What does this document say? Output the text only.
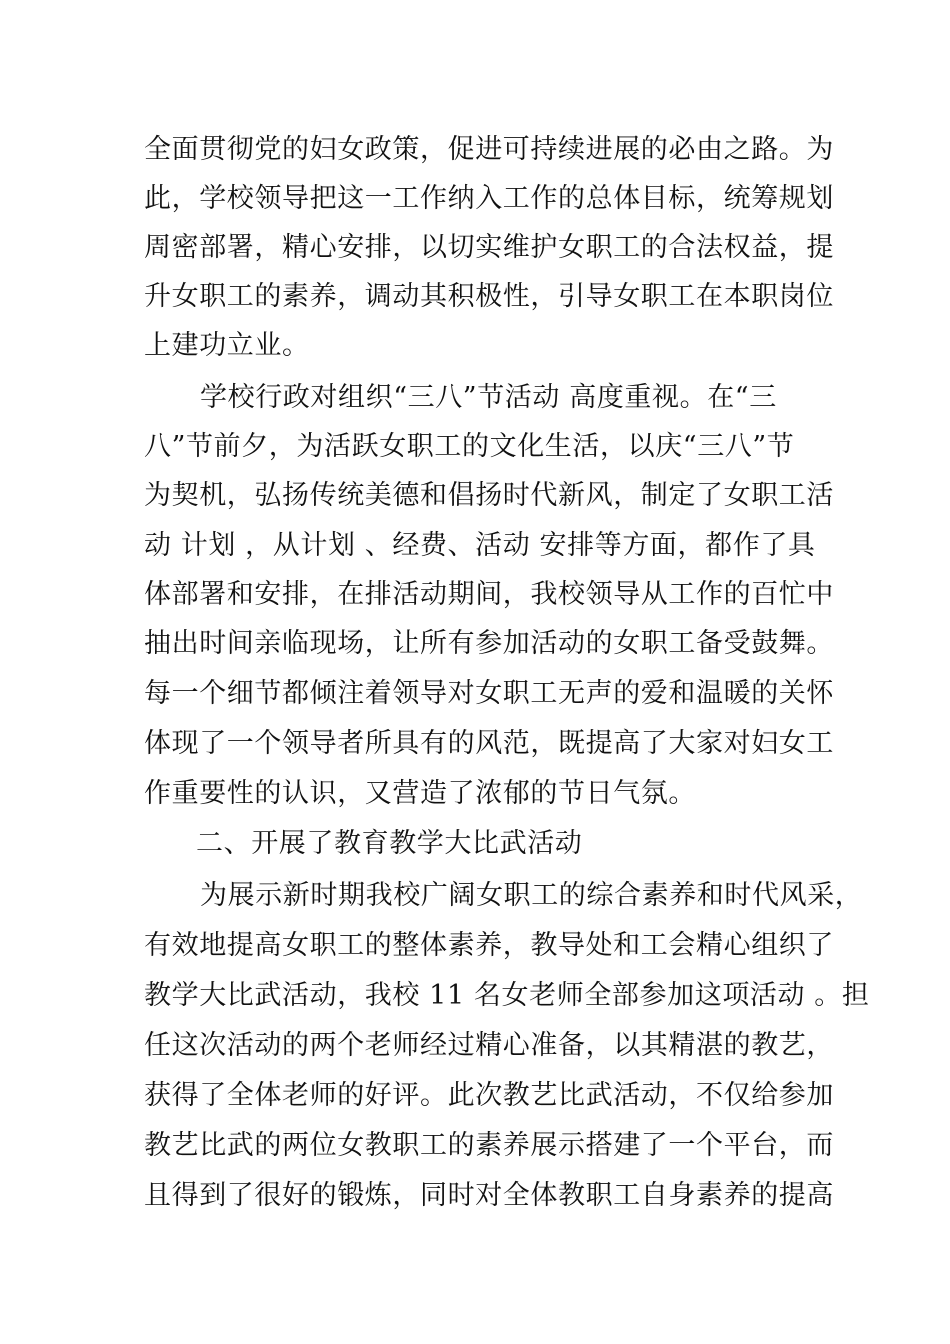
全面贯彻党的妇女政策，促进可持续进展的必由之路。为
此，学校领导把这一工作纳入工作的总体目标，统筹规划
周密部署，精心安排，以切实维护女职工的合法权益，提
升女职工的素养，调动其积极性，引导女职工在本职岗位
上建功立业。
学校行政对组织“三八”节活动 高度重视。在“三
八”节前夕，为活跃女职工的文化生活，以庆“三八”节
为契机，弘扬传统美德和倡扬时代新风，制定了女职工活
动 计划 ，从计划 、经费、活动 安排等方面，都作了具
体部署和安排，在排活动期间，我校领导从工作的百忙中
抽出时间亲临现场，让所有参加活动的女职工备受鼓舞。
每一个细节都倾注着领导对女职工无声的爱和温暖的关怀
体现了一个领导者所具有的风范，既提高了大家对妇女工
作重要性的认识，又营造了浓郁的节日气氛。
二、开展了教育教学大比武活动
为展示新时期我校广阔女职工的综合素养和时代风采，
有效地提高女职工的整体素养，教导处和工会精心组织了
教学大比武活动，我校 11 名女老师全部参加这项活动 。担
任这次活动的两个老师经过精心准备，以其精湛的教艺，
获得了全体老师的好评。此次教艺比武活动，不仅给参加
教艺比武的两位女教职工的素养展示搭建了一个平台，而
且得到了很好的锻炼，同时对全体教职工自身素养的提高
